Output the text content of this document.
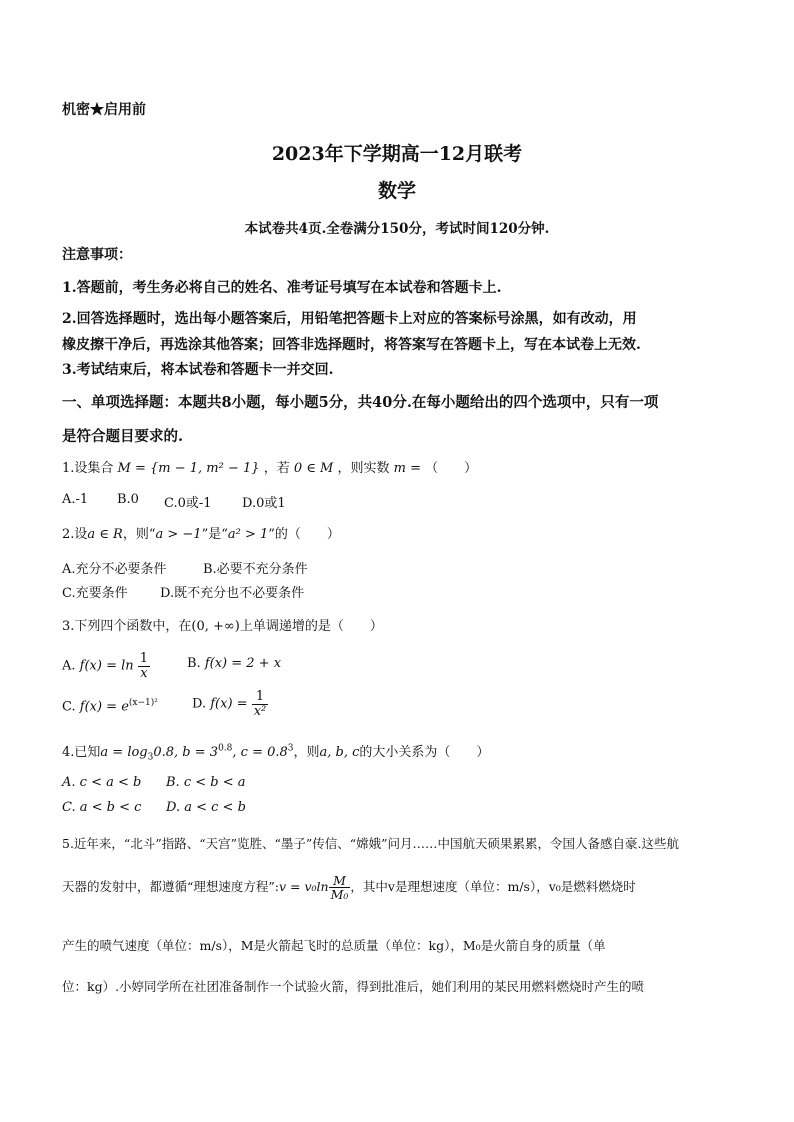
机密★启用前
2023年下学期高一12月联考
数学
本试卷共4页.全卷满分150分，考试时间120分钟.
注意事项：
1.答题前，考生务必将自己的姓名、准考证号填写在本试卷和答题卡上.
2.回答选择题时，选出每小题答案后，用铅笔把答题卡上对应的答案标号涂黑，如有改动，用
橡皮擦干净后，再选涂其他答案；回答非选择题时，将答案写在答题卡上，写在本试卷上无效.
3.考试结束后，将本试卷和答题卡一并交回.
一、单项选择题：本题共8小题，每小题5分，共40分.在每小题给出的四个选项中，只有一项
是符合题目要求的.
1.设集合 M = {m − 1, m² − 1} ，若 0 ∈ M ，则实数 m = （　　）
A.-1 B.0 C.0或-1 D.0或1
2.设a ∈ R，则“a > −1”是“a² > 1”的（　　）
A.充分不必要条件	B.必要不充分条件
C.充要条件 D.既不充分也不必要条件
3.下列四个函数中，在(0, +∞)上单调递增的是（　　）
A. $f(x) = \ln \frac{1}{x}$	B. f(x) = 2 + x
C. $f(x) = e^{(x-1)^2}$	D. $f(x) = \frac{1}{\text{x²}}$
4.已知$a = \log_30.8$, $b = 3^{0.8}$, $c = 0.8^3$，则a, b, c的大小关系为（　　）
A. c < a < b B. c < b < a
C. a < b < c D. a < c < b
5.近年来，“北斗”指路、“天宫”览胜、“墨子”传信、“嫦娥”问月……中国航天硕果累累，令国人备感自豪.这些航
天器的发射中，都遵循“理想速度方程”:v = $v_0\ln \frac{M}{\text{M₀}}$ ，其中v是理想速度（单位：m/s），v₀是燃料燃烧时
产生的喷气速度（单位：m/s），M是火箭起飞时的总质量（单位：kg），M₀是火箭自身的质量（单
位：kg）.小婷同学所在社团准备制作一个试验火箭，得到批准后，她们利用的某民用燃料燃烧时产生的喷
